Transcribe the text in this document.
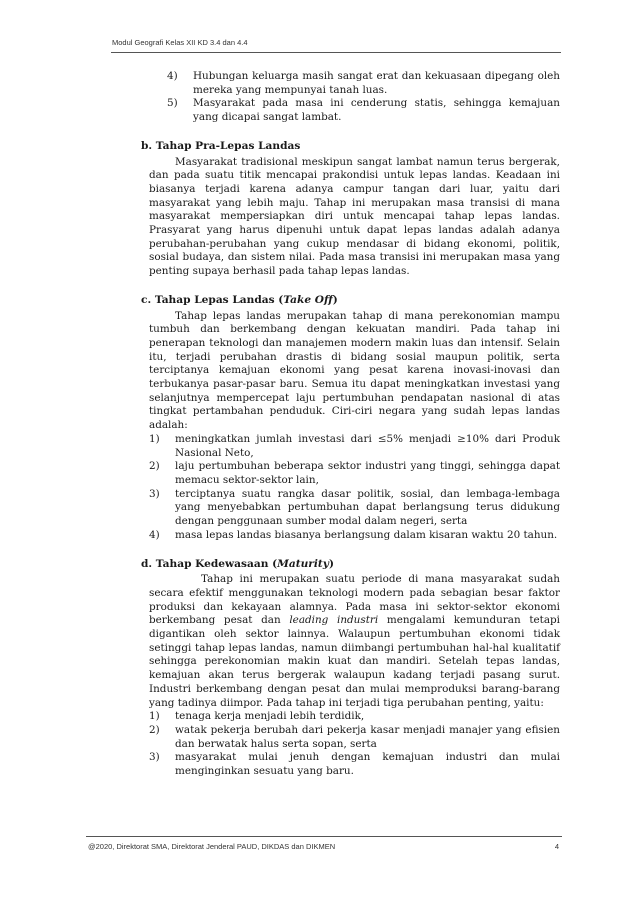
Modul Geografi Kelas XII KD 3.4 dan 4.4
4)	Hubungan keluarga masih sangat erat dan kekuasaan dipegang oleh mereka yang mempunyai tanah luas.
5)	Masyarakat pada masa ini cenderung statis, sehingga kemajuan yang dicapai sangat lambat.
b. Tahap Pra-Lepas Landas

Masyarakat tradisional meskipun sangat lambat namun terus bergerak, dan pada suatu titik mencapai prakondisi untuk lepas landas. Keadaan ini biasanya terjadi karena adanya campur tangan dari luar, yaitu dari masyarakat yang lebih maju. Tahap ini merupakan masa transisi di mana masyarakat mempersiapkan diri untuk mencapai tahap lepas landas. Prasyarat yang harus dipenuhi untuk dapat lepas landas adalah adanya perubahan-perubahan yang cukup mendasar di bidang ekonomi, politik, sosial budaya, dan sistem nilai. Pada masa transisi ini merupakan masa yang penting supaya berhasil pada tahap lepas landas.

c. Tahap Lepas Landas (Take Off)

Tahap lepas landas merupakan tahap di mana perekonomian mampu tumbuh dan berkembang dengan kekuatan mandiri. Pada tahap ini penerapan teknologi dan manajemen modern makin luas dan intensif. Selain itu, terjadi perubahan drastis di bidang sosial maupun politik, serta terciptanya kemajuan ekonomi yang pesat karena inovasi-inovasi dan terbukanya pasar-pasar baru. Semua itu dapat meningkatkan investasi yang selanjutnya mempercepat laju pertumbuhan pendapatan nasional di atas tingkat pertambahan penduduk. Ciri-ciri negara yang sudah lepas landas adalah:

1)	meningkatkan jumlah investasi dari ≤5% menjadi ≥10% dari Produk Nasional Neto,
2)	laju pertumbuhan beberapa sektor industri yang tinggi, sehingga dapat memacu sektor-sektor lain,
3)	terciptanya suatu rangka dasar politik, sosial, dan lembaga-lembaga yang menyebabkan pertumbuhan dapat berlangsung terus didukung dengan penggunaan sumber modal dalam negeri, serta
4)	masa lepas landas biasanya berlangsung dalam kisaran waktu 20 tahun.
d. Tahap Kedewasaan (Maturity)

Tahap ini merupakan suatu periode di mana masyarakat sudah secara efektif menggunakan teknologi modern pada sebagian besar faktor produksi dan kekayaan alamnya. Pada masa ini sektor-sektor ekonomi berkembang pesat dan leading industri mengalami kemunduran tetapi digantikan oleh sektor lainnya. Walaupun pertumbuhan ekonomi tidak setinggi tahap lepas landas, namun diimbangi pertumbuhan hal-hal kualitatif sehingga perekonomian makin kuat dan mandiri. Setelah tepas landas, kemajuan akan terus bergerak walaupun kadang terjadi pasang surut. Industri berkembang dengan pesat dan mulai memproduksi barang-barang yang tadinya diimpor. Pada tahap ini terjadi tiga perubahan penting, yaitu:

1)	tenaga kerja menjadi lebih terdidik,
2)	watak pekerja berubah dari pekerja kasar menjadi manajer yang efisien dan berwatak halus serta sopan, serta
3)	masyarakat mulai jenuh dengan kemajuan industri dan mulai menginginkan sesuatu yang baru.
@2020, Direktorat SMA, Direktorat Jenderal PAUD, DIKDAS dan DIKMEN	4
